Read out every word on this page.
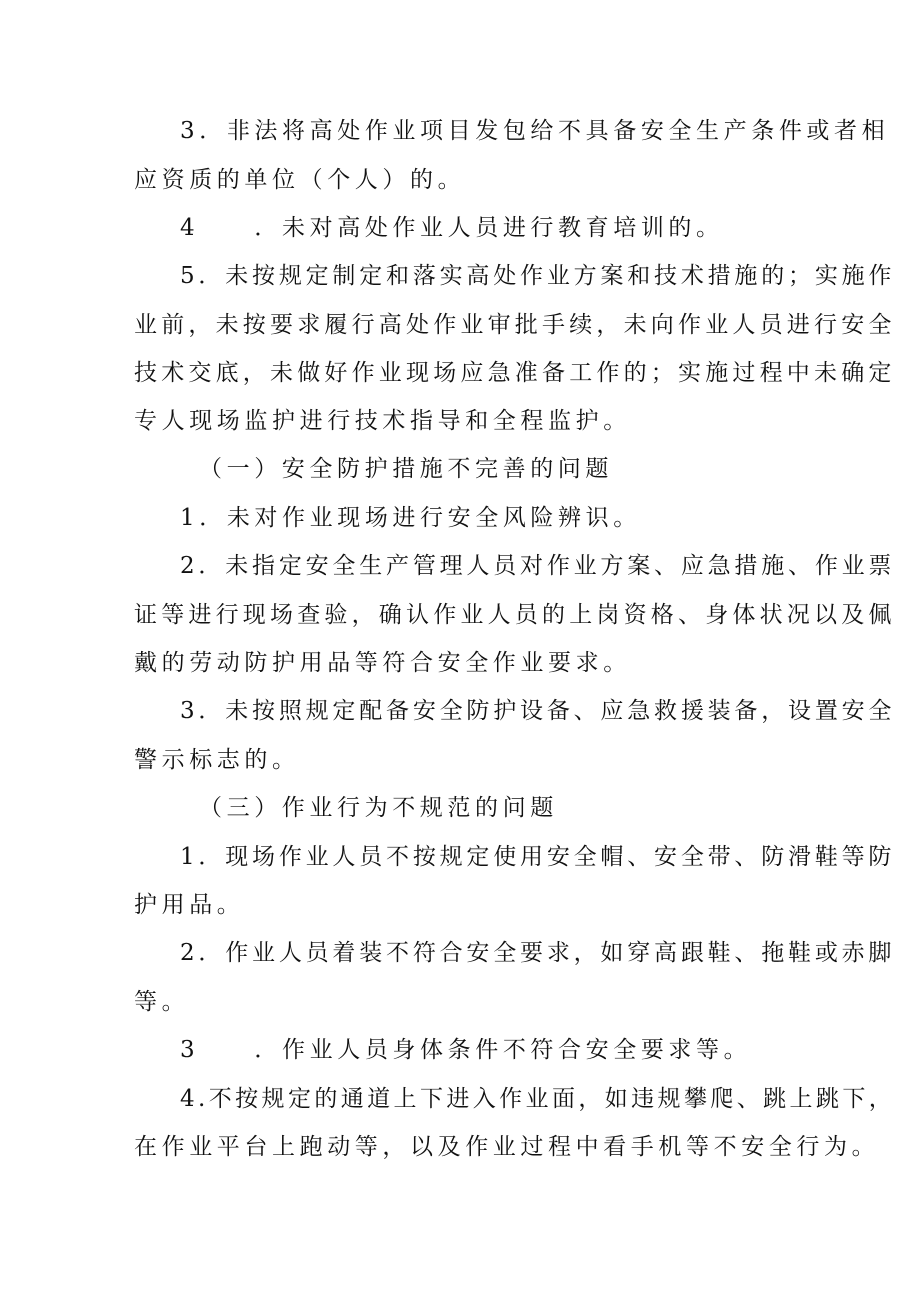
3．非法将高处作业项目发包给不具备安全生产条件或者相
应资质的单位（个人）的。
4　　．未对高处作业人员进行教育培训的。
5．未按规定制定和落实高处作业方案和技术措施的；实施作
业前，未按要求履行高处作业审批手续，未向作业人员进行安全
技术交底，未做好作业现场应急准备工作的；实施过程中未确定
专人现场监护进行技术指导和全程监护。
（一）安全防护措施不完善的问题
1．未对作业现场进行安全风险辨识。
2．未指定安全生产管理人员对作业方案、应急措施、作业票
证等进行现场查验，确认作业人员的上岗资格、身体状况以及佩
戴的劳动防护用品等符合安全作业要求。
3．未按照规定配备安全防护设备、应急救援装备，设置安全
警示标志的。
（三）作业行为不规范的问题
1．现场作业人员不按规定使用安全帽、安全带、防滑鞋等防
护用品。
2．作业人员着装不符合安全要求，如穿高跟鞋、拖鞋或赤脚
等。
3　　．作业人员身体条件不符合安全要求等。
4.不按规定的通道上下进入作业面，如违规攀爬、跳上跳下，
在作业平台上跑动等，以及作业过程中看手机等不安全行为。
